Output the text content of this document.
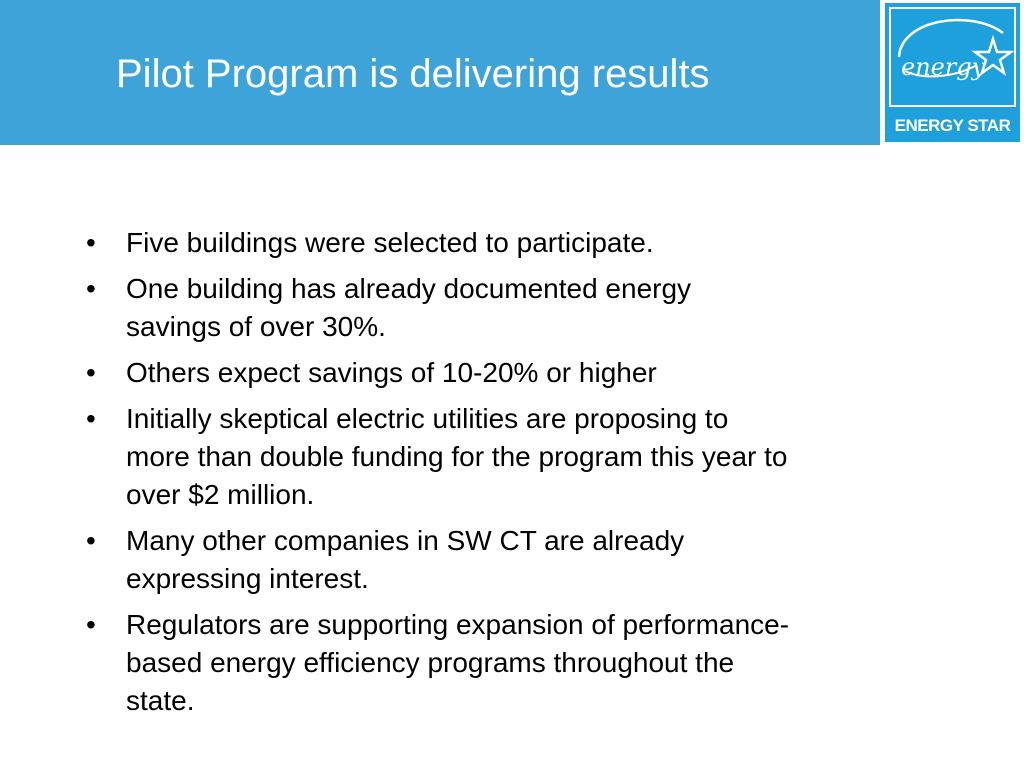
Pilot Program is delivering results	energy
ENERGY STAR
•	Five buildings were selected to participate.
•	One building has already documented energy
savings of over 30%.
•	Others expect savings of 10-20% or higher
•	Initially skeptical electric utilities are proposing to
more than double funding for the program this year to
over $2 million.
•	Many other companies in SW CT are already
expressing interest.
•	Regulators are supporting expansion of performance-
based energy efficiency programs throughout the
state.
